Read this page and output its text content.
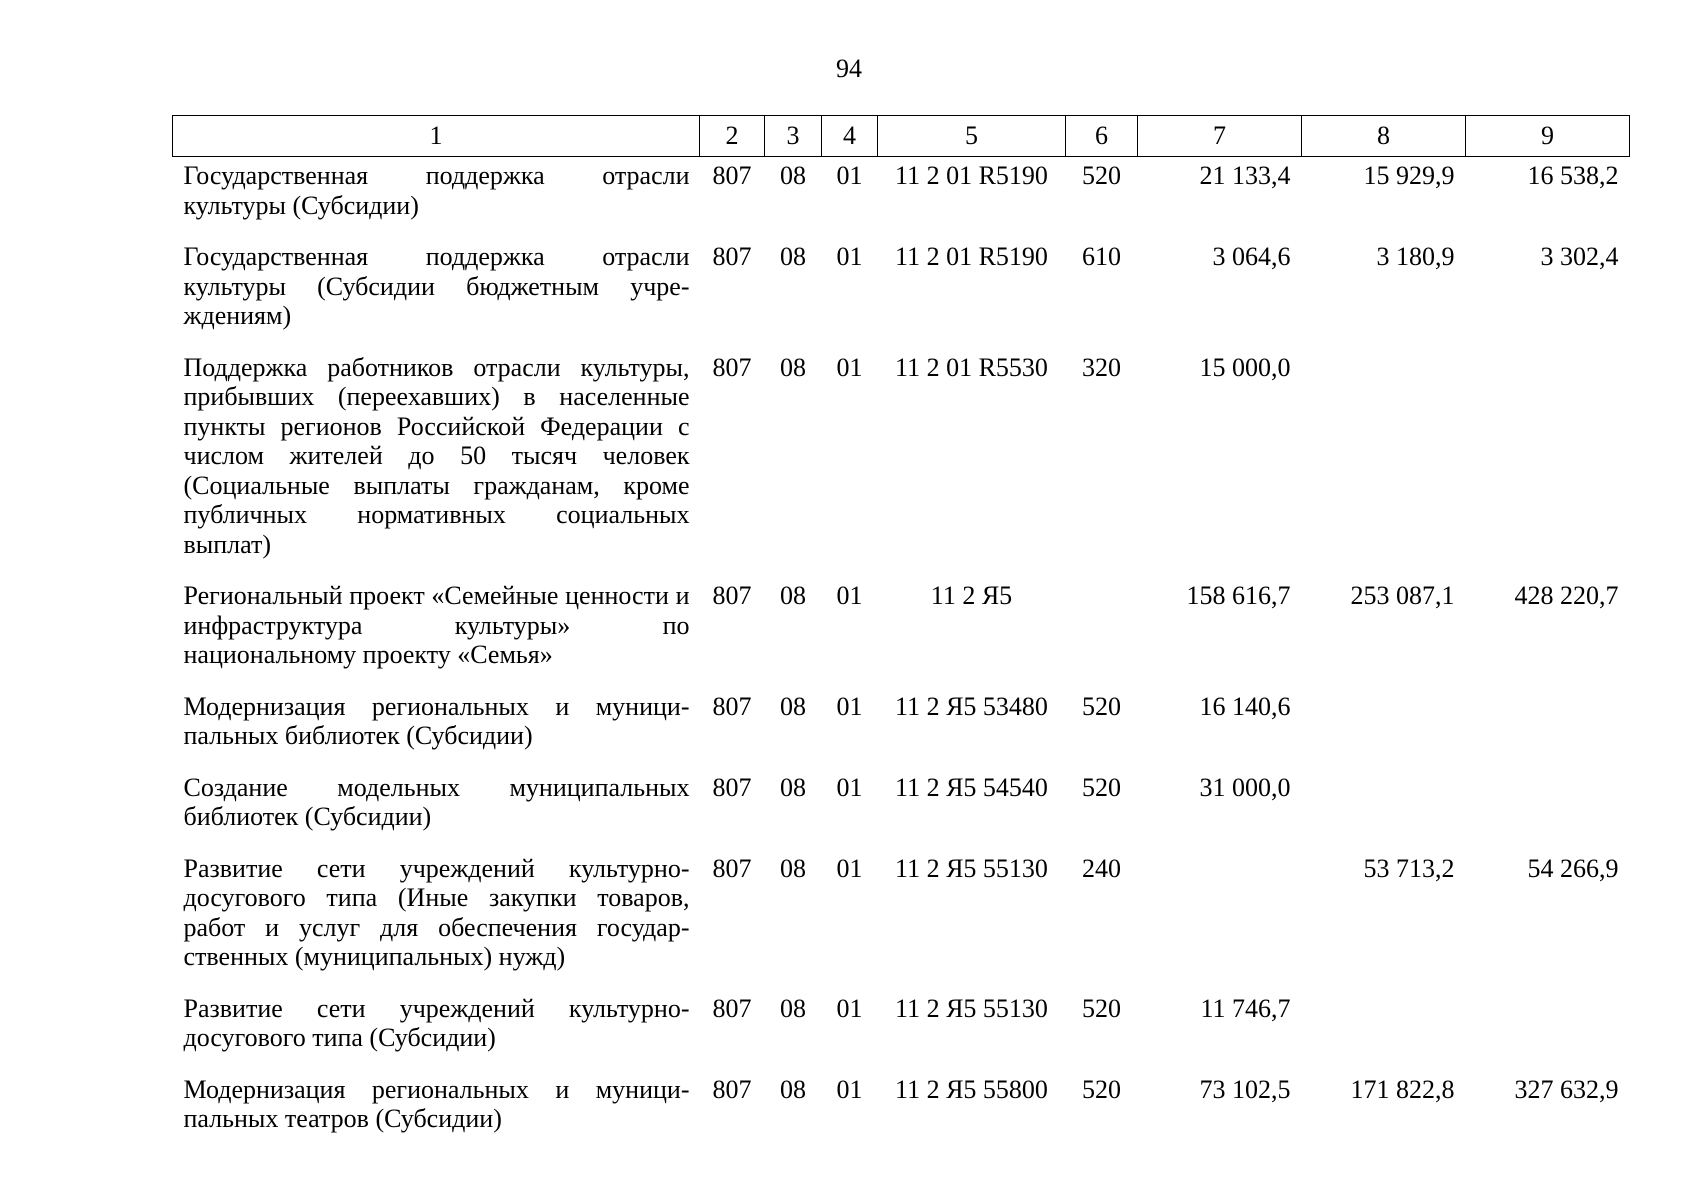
94
1	2	3	4	5	6	7	8	9
Государственная поддержка отрасли культуры (Субсидии)	807	08	01	11 2 01 R5190	520	21 133,4	15 929,9	16 538,2
Государственная поддержка отрасли культуры (Субсидии бюджетным учреждениям)	807	08	01	11 2 01 R5190	610	3 064,6	3 180,9	3 302,4
Поддержка работников отрасли культуры, прибывших (переехавших) в населенные пункты регионов Российской Федерации с числом жителей до 50 тысяч человек (Социальные выплаты гражданам, кроме публичных нормативных социальных выплат)	807	08	01	11 2 01 R5530	320	15 000,0		
Региональный проект «Семейные ценности и инфраструктура культуры» по национальному проекту «Семья»	807	08	01	11 2 Я5		158 616,7	253 087,1	428 220,7
Модернизация региональных и муниципальных библиотек (Субсидии)	807	08	01	11 2 Я5 53480	520	16 140,6		
Создание модельных муниципальных библиотек (Субсидии)	807	08	01	11 2 Я5 54540	520	31 000,0		
Развитие сети учреждений культурно-досугового типа (Иные закупки товаров, работ и услуг для обеспечения государственных (муниципальных) нужд)	807	08	01	11 2 Я5 55130	240		53 713,2	54 266,9
Развитие сети учреждений культурно-досугового типа (Субсидии)	807	08	01	11 2 Я5 55130	520	11 746,7		
Модернизация региональных и муниципальных театров (Субсидии)	807	08	01	11 2 Я5 55800	520	73 102,5	171 822,8	327 632,9
